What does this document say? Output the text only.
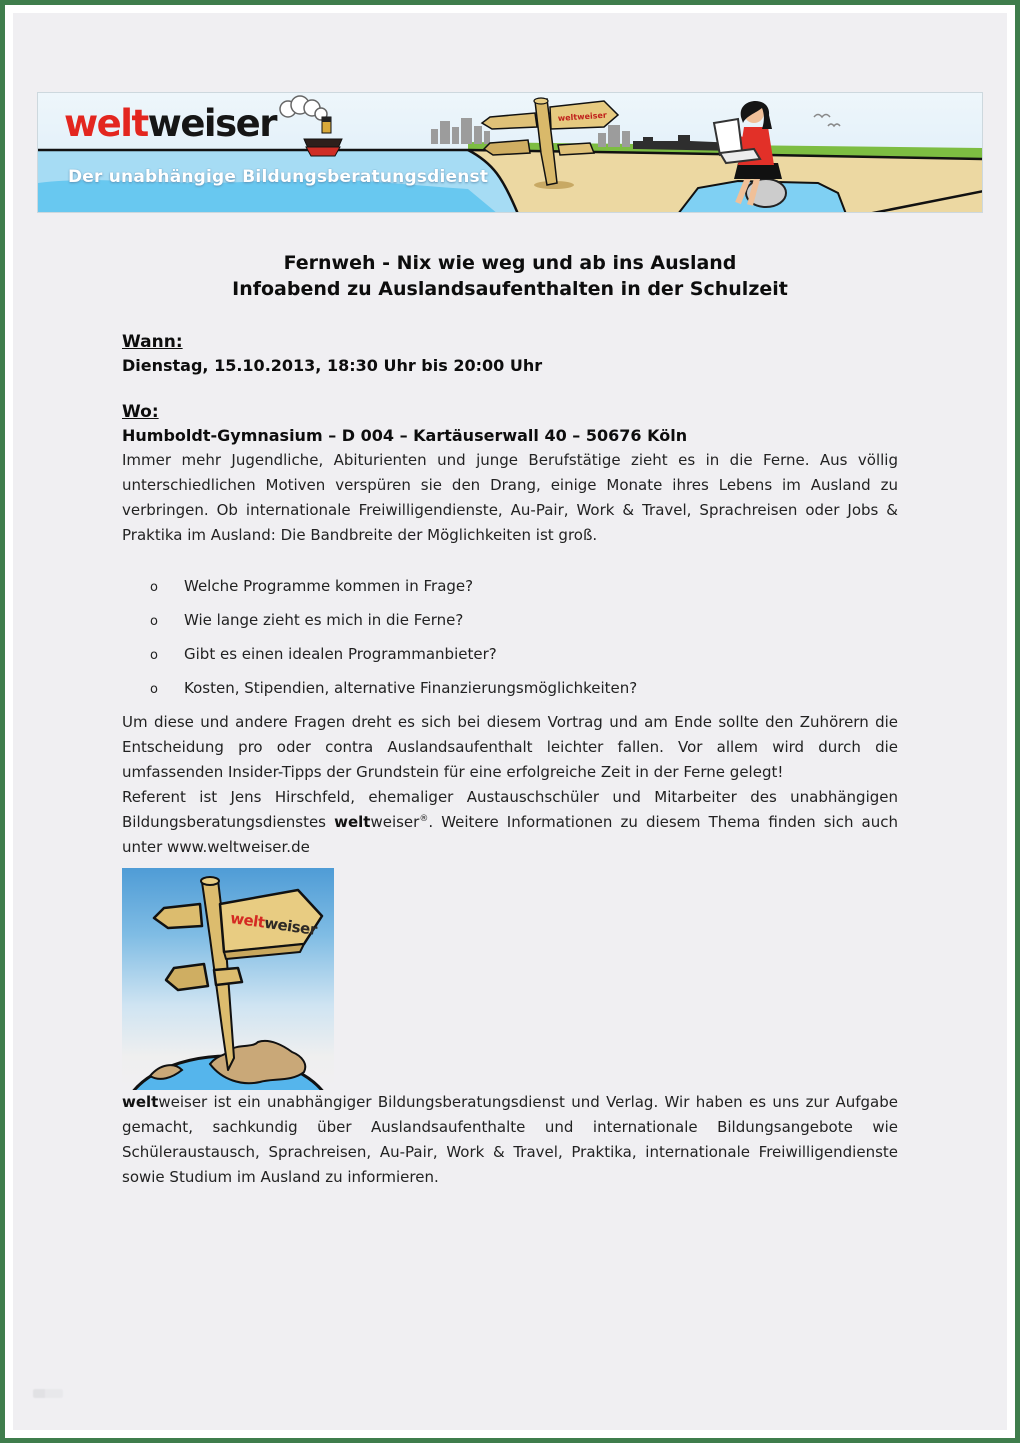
weltweiser
weltweiser
Der unabhängige Bildungsberatungsdienst
Fernweh - Nix wie weg und ab ins Ausland
Infoabend zu Auslandsaufenthalten in der Schulzeit
Wann:
Dienstag, 15.10.2013, 18:30 Uhr bis 20:00 Uhr
Wo:
Humboldt-Gymnasium – D 004 – Kartäuserwall 40 – 50676 Köln

Immer mehr Jugendliche, Abiturienten und junge Berufstätige zieht es in die Ferne. Aus völlig unterschiedlichen Motiven verspüren sie den Drang, einige Monate ihres Lebens im Ausland zu verbringen. Ob internationale Freiwilligendienste, Au-Pair, Work & Travel, Sprachreisen oder Jobs & Praktika im Ausland: Die Bandbreite der Möglichkeiten ist groß.

o	Welche Programme kommen in Frage?
o	Wie lange zieht es mich in die Ferne?
o	Gibt es einen idealen Programmanbieter?
o	Kosten, Stipendien, alternative Finanzierungsmöglichkeiten?

Um diese und andere Fragen dreht es sich bei diesem Vortrag und am Ende sollte den Zuhörern die Entscheidung pro oder contra Auslandsaufenthalt leichter fallen. Vor allem wird durch die umfassenden Insider-Tipps der Grundstein für eine erfolgreiche Zeit in der Ferne gelegt!

Referent ist Jens Hirschfeld, ehemaliger Austauschschüler und Mitarbeiter des unabhängigen Bildungsberatungsdienstes weltweiser®. Weitere Informationen zu diesem Thema finden sich auch unter www.weltweiser.de

weltweiser

weltweiser ist ein unabhängiger Bildungsberatungsdienst und Verlag. Wir haben es uns zur Aufgabe gemacht, sachkundig über Auslandsaufenthalte und internationale Bildungsangebote wie Schüleraustausch, Sprachreisen, Au-Pair, Work & Travel, Praktika, internationale Freiwilligendienste sowie Studium im Ausland zu informieren.
